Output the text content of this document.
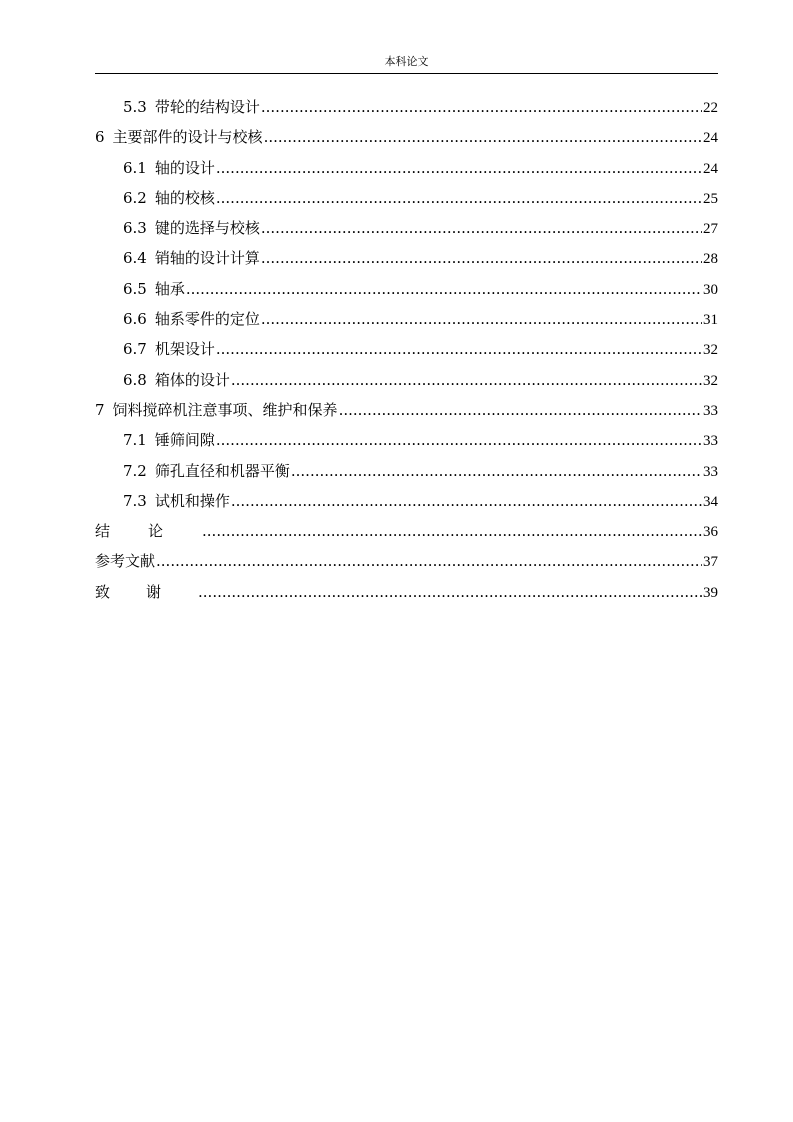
本科论文
5.3 带轮的结构设计 .....	22
6 主要部件的设计与校核 .....	24
6.1 轴的设计 .....	24
6.2 轴的校核 .....	25
6.3 键的选择与校核 .....	27
6.4 销轴的设计计算 .....	28
6.5 轴承 .....	30
6.6 轴系零件的定位 .....	31
6.7 机架设计 .....	32
6.8 箱体的设计 .....	32
7 饲料搅碎机注意事项、维护和保养 .....	33
7.1 锤筛间隙 .....	33
7.2 筛孔直径和机器平衡 .....	33
7.3 试机和操作 .....	34
结论 .....	36
参考文献 .....	37
致谢 .....	39
